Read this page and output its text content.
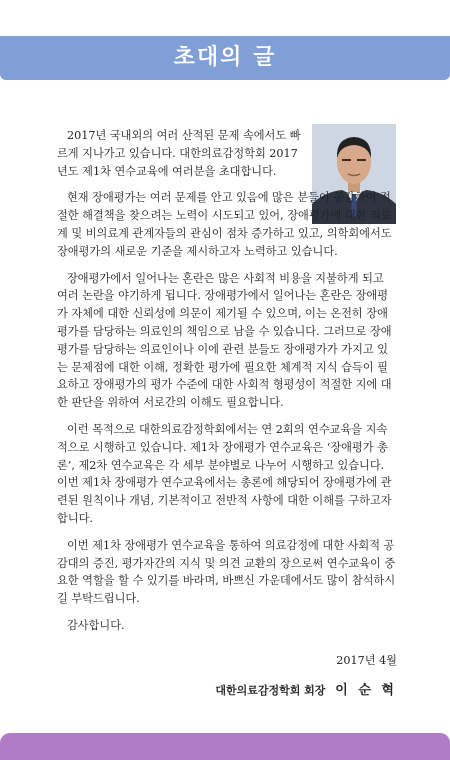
초대의 글

2017년 국내외의 여러 산적된 문제 속에서도 빠르게 지나가고 있습니다. 대한의료감정학회 2017년도 제1차 연수교육에 여러분을 초대합니다.

현재 장애평가는 여러 문제를 안고 있음에 많은 분들이 공감하여 적절한 해결책을 찾으려는 노력이 시도되고 있어, 장애평가에 대한 의료계 및 비의료계 관계자들의 관심이 점차 증가하고 있고, 의학회에서도 장애평가의 새로운 기준을 제시하고자 노력하고 있습니다.

장애평가에서 일어나는 혼란은 많은 사회적 비용을 지불하게 되고 여러 논란을 야기하게 됩니다. 장애평가에서 일어나는 혼란은 장애평가 자체에 대한 신뢰성에 의문이 제기될 수 있으며, 이는 온전히 장애평가를 담당하는 의료인의 책임으로 남을 수 있습니다. 그러므로 장애평가를 담당하는 의료인이나 이에 관련 분들도 장애평가가 가지고 있는 문제점에 대한 이해, 정확한 평가에 필요한 체계적 지식 습득이 필요하고 장애평가의 평가 수준에 대한 사회적 형평성이 적절한 지에 대한 판단을 위하여 서로간의 이해도 필요합니다.

이런 목적으로 대한의료감정학회에서는 연 2회의 연수교육을 지속적으로 시행하고 있습니다. 제1차 장애평가 연수교육은 ‘장애평가 총론’, 제2차 연수교육은 각 세부 분야별로 나누어 시행하고 있습니다. 이번 제1차 장애평가 연수교육에서는 총론에 해당되어 장애평가에 관련된 원칙이나 개념, 기본적이고 전반적 사항에 대한 이해를 구하고자 합니다.

이번 제1차 장애평가 연수교육을 통하여 의료감정에 대한 사회적 공감대의 증진, 평가자간의 지식 및 의견 교환의 장으로써 연수교육이 중요한 역할을 할 수 있기를 바라며, 바쁘신 가운데에서도 많이 참석하시길 부탁드립니다.

감사합니다.
2017년 4월
대한의료감정학회 회장 이 순 혁
